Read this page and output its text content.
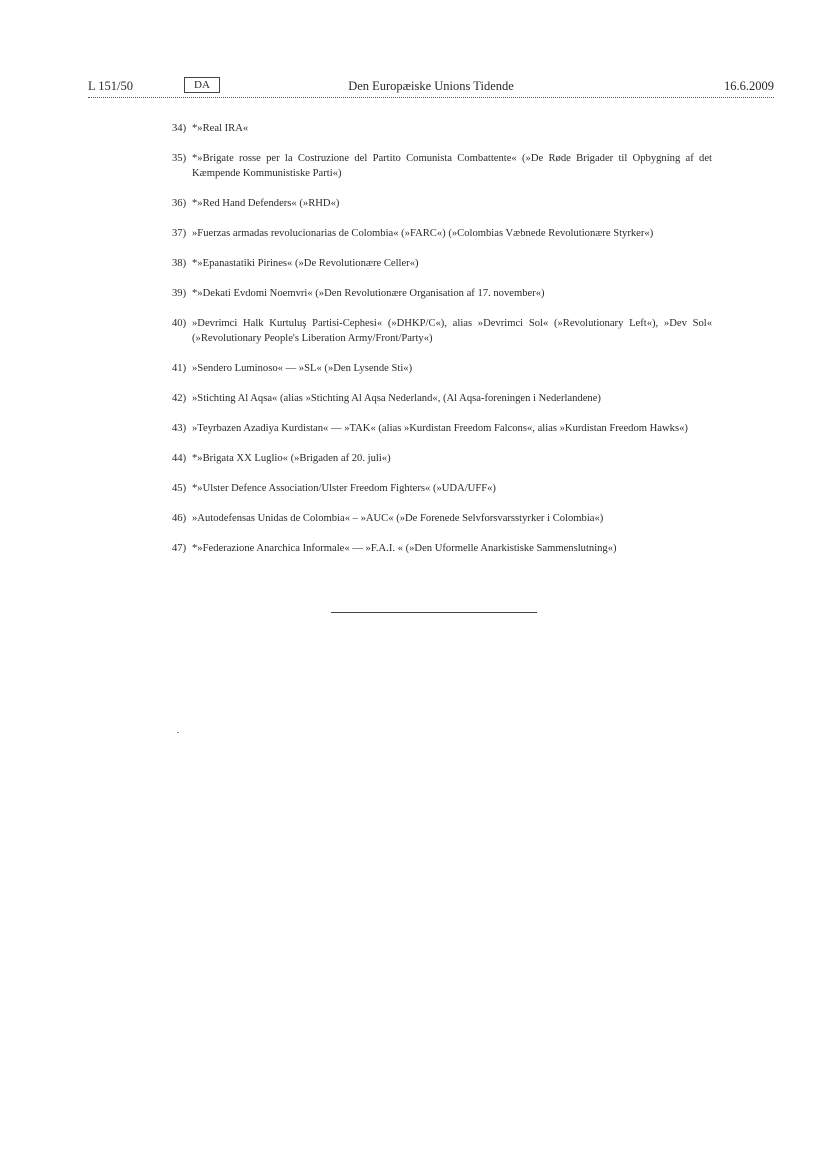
Den Europæiske Unions Tidende
L 151/50	DA	16.6.2009
34) *»Real IRA«
35) *»Brigate rosse per la Costruzione del Partito Comunista Combattente« (»De Røde Brigader til Opbygning af det Kæmpende Kommunistiske Parti«)
36) *»Red Hand Defenders« (»RHD«)
37) »Fuerzas armadas revolucionarias de Colombia« (»FARC«) (»Colombias Væbnede Revolutionære Styrker«)
38) *»Epanastatiki Pirines« (»De Revolutionære Celler«)
39) *»Dekati Evdomi Noemvri« (»Den Revolutionære Organisation af 17. november«)
40) »Devrimci Halk Kurtuluş Partisi-Cephesi« (»DHKP/C«), alias »Devrimci Sol« (»Revolutionary Left«), »Dev Sol« (»Revolutionary People's Liberation Army/Front/Party«)
41) »Sendero Luminoso« — »SL« (»Den Lysende Sti«)
42) »Stichting Al Aqsa« (alias »Stichting Al Aqsa Nederland«, (Al Aqsa-foreningen i Nederlandene)
43) »Teyrbazen Azadiya Kurdistan« — »TAK« (alias »Kurdistan Freedom Falcons«, alias »Kurdistan Freedom Hawks«)
44) *»Brigata XX Luglio« (»Brigaden af 20. juli«)
45) *»Ulster Defence Association/Ulster Freedom Fighters« (»UDA/UFF«)
46) »Autodefensas Unidas de Colombia« – »AUC« (»De Forenede Selvforsvarsstyrker i Colombia«)
47) *»Federazione Anarchica Informale« — »F.A.I. « (»Den Uformelle Anarkistiske Sammenslutning«)
